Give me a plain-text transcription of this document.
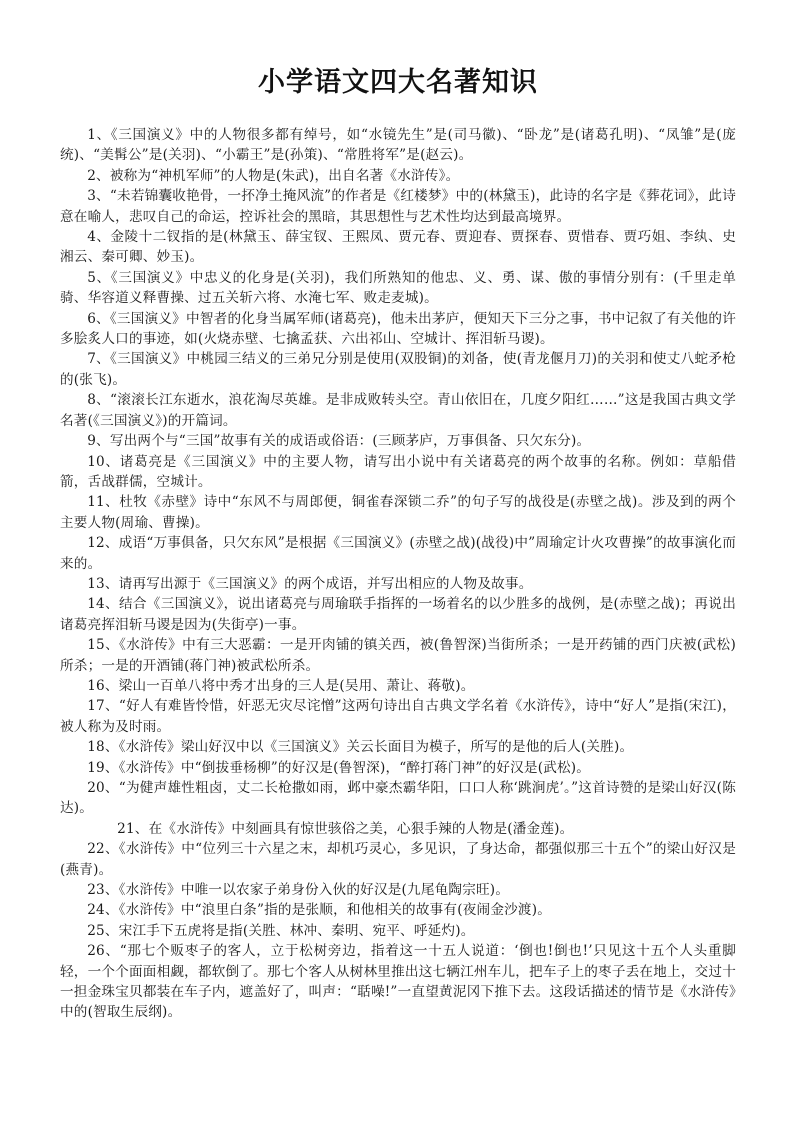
小学语文四大名著知识

1、《三国演义》中的人物很多都有绰号，如“水镜先生”是(司马徽)、“卧龙”是(诸葛孔明)、“凤雏”是(庞统)、“美髯公”是(关羽)、“小霸王”是(孙策)、“常胜将军”是(赵云)。

2、被称为“神机军师”的人物是(朱武)，出自名著《水浒传》。

3、“未若锦囊收艳骨，一抔净土掩风流”的作者是《红楼梦》中的(林黛玉)，此诗的名字是《葬花词》，此诗意在喻人，悲叹自己的命运，控诉社会的黑暗，其思想性与艺术性均达到最高境界。

4、金陵十二钗指的是(林黛玉、薛宝钗、王熙凤、贾元春、贾迎春、贾探春、贾惜春、贾巧姐、李纨、史湘云、秦可卿、妙玉)。

5、《三国演义》中忠义的化身是(关羽)，我们所熟知的他忠、义、勇、谋、傲的事情分别有：(千里走单骑、华容道义释曹操、过五关斩六将、水淹七军、败走麦城)。

6、《三国演义》中智者的化身当属军师(诸葛亮)，他未出茅庐，便知天下三分之事，书中记叙了有关他的许多脍炙人口的事迹，如(火烧赤壁、七擒孟获、六出祁山、空城计、挥泪斩马谡)。

7、《三国演义》中桃园三结义的三弟兄分别是使用(双股铜)的刘备，使(青龙偃月刀)的关羽和使丈八蛇矛枪的(张飞)。

8、“滚滚长江东逝水，浪花淘尽英雄。是非成败转头空。青山依旧在，几度夕阳红……”这是我国古典文学名著(《三国演义》)的开篇词。

9、写出两个与“三国”故事有关的成语或俗语：(三顾茅庐，万事俱备、只欠东分)。

10、诸葛亮是《三国演义》中的主要人物，请写出小说中有关诸葛亮的两个故事的名称。例如：草船借箭，舌战群儒，空城计。

11、杜牧《赤壁》诗中“东风不与周郎便，铜雀春深锁二乔”的句子写的战役是(赤壁之战)。涉及到的两个主要人物(周瑜、曹操)。

12、成语“万事俱备，只欠东风”是根据《三国演义》(赤壁之战)(战役)中”周瑜定计火攻曹操”的故事演化而来的。

13、请再写出源于《三国演义》的两个成语，并写出相应的人物及故事。

14、结合《三国演义》，说出诸葛亮与周瑜联手指挥的一场着名的以少胜多的战例，是(赤壁之战)；再说出诸葛亮挥泪斩马谡是因为(失街亭)一事。

15、《水浒传》中有三大恶霸：一是开肉铺的镇关西，被(鲁智深)当街所杀；一是开药铺的西门庆被(武松)所杀；一是的开酒铺(蒋门神)被武松所杀。

16、梁山一百单八将中秀才出身的三人是(吴用、萧让、蒋敬)。

17、“好人有难皆怜惜，奸恶无灾尽诧憎”这两句诗出自古典文学名着《水浒传》，诗中“好人”是指(宋江)，被人称为及时雨。

18、《水浒传》梁山好汉中以《三国演义》关云长面目为模子，所写的是他的后人(关胜)。

19、《水浒传》中“倒拔垂杨柳”的好汉是(鲁智深)，“醉打蒋门神”的好汉是(武松)。

20、“为健声雄性粗卤，丈二长枪撒如雨，邺中豪杰霸华阳，口口人称‘跳涧虎’。”这首诗赞的是梁山好汉(陈达)。

21、在《水浒传》中刻画具有惊世骇俗之美，心狠手辣的人物是(潘金莲)。

22、《水浒传》中“位列三十六星之末，却机巧灵心，多见识，了身达命，都强似那三十五个”的梁山好汉是(燕青)。

23、《水浒传》中唯一以农家子弟身份入伙的好汉是(九尾龟陶宗旺)。

24、《水浒传》中“浪里白条”指的是张顺，和他相关的故事有(夜闹金沙渡)。

25、宋江手下五虎将是指(关胜、林冲、秦明、宛平、呼延灼)。

26、“那七个贩枣子的客人，立于松树旁边，指着这一十五人说道：‘倒也!倒也!’只见这十五个人头重脚轻，一个个面面相觑，都软倒了。那七个客人从树林里推出这七辆江州车儿，把车子上的枣子丢在地上，交过十一担金珠宝贝都装在车子内，遮盖好了，叫声：“聒噪!”一直望黄泥冈下推下去。这段话描述的情节是《水浒传》中的(智取生辰纲)。
